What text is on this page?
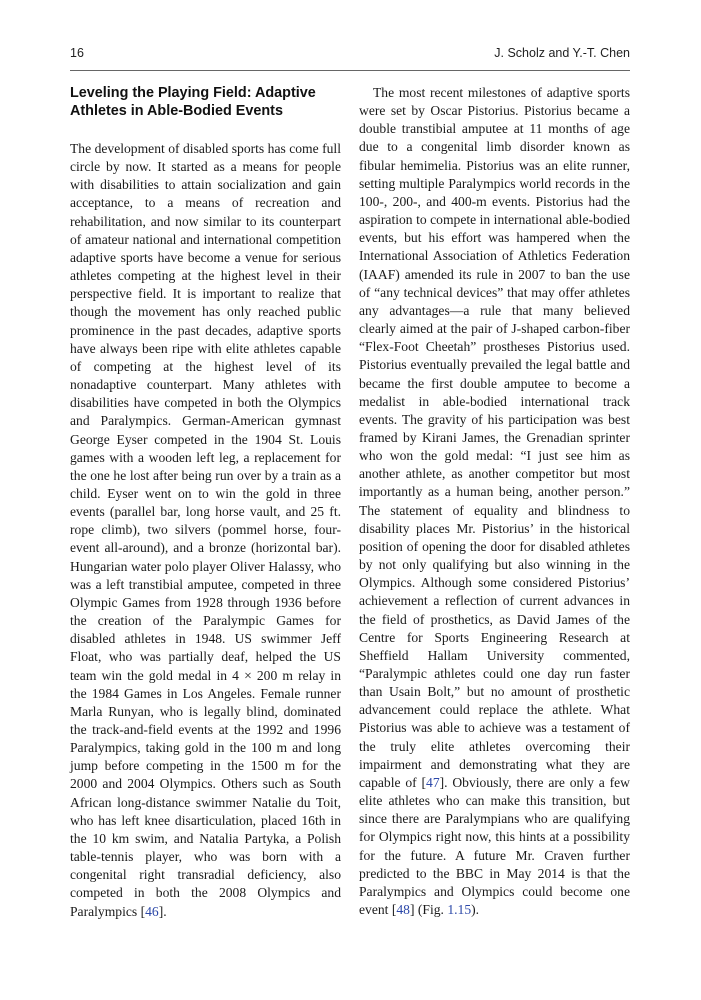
16	J. Scholz and Y.-T. Chen
Leveling the Playing Field: Adaptive Athletes in Able-Bodied Events

The development of disabled sports has come full circle by now. It started as a means for people with disabilities to attain socialization and gain acceptance, to a means of recreation and rehabilitation, and now similar to its counterpart of amateur national and international competition adaptive sports have become a venue for serious athletes competing at the highest level in their perspective field. It is important to realize that though the movement has only reached public prominence in the past decades, adaptive sports have always been ripe with elite athletes capable of competing at the highest level of its nonadaptive counterpart. Many athletes with disabilities have competed in both the Olympics and Paralympics. German-American gymnast George Eyser competed in the 1904 St. Louis games with a wooden left leg, a replacement for the one he lost after being run over by a train as a child. Eyser went on to win the gold in three events (parallel bar, long horse vault, and 25 ft. rope climb), two silvers (pommel horse, four-event all-around), and a bronze (horizontal bar). Hungarian water polo player Oliver Halassy, who was a left transtibial amputee, competed in three Olympic Games from 1928 through 1936 before the creation of the Paralympic Games for disabled athletes in 1948. US swimmer Jeff Float, who was partially deaf, helped the US team win the gold medal in 4 × 200 m relay in the 1984 Games in Los Angeles. Female runner Marla Runyan, who is legally blind, dominated the track-and-field events at the 1992 and 1996 Paralympics, taking gold in the 100 m and long jump before competing in the 1500 m for the 2000 and 2004 Olympics. Others such as South African long-distance swimmer Natalie du Toit, who has left knee disarticulation, placed 16th in the 10 km swim, and Natalia Partyka, a Polish table-tennis player, who was born with a congenital right transradial deficiency, also competed in both the 2008 Olympics and Paralympics [46].

The most recent milestones of adaptive sports were set by Oscar Pistorius. Pistorius became a double transtibial amputee at 11 months of age due to a congenital limb disorder known as fibular hemimelia. Pistorius was an elite runner, setting multiple Paralympics world records in the 100-, 200-, and 400-m events. Pistorius had the aspiration to compete in international able-bodied events, but his effort was hampered when the International Association of Athletics Federation (IAAF) amended its rule in 2007 to ban the use of “any technical devices” that may offer athletes any advantages—a rule that many believed clearly aimed at the pair of J-shaped carbon-fiber “Flex-Foot Cheetah” prostheses Pistorius used. Pistorius eventually prevailed the legal battle and became the first double amputee to become a medalist in able-bodied international track events. The gravity of his participation was best framed by Kirani James, the Grenadian sprinter who won the gold medal: “I just see him as another athlete, as another competitor but most importantly as a human being, another person.” The statement of equality and blindness to disability places Mr. Pistorius’ in the historical position of opening the door for disabled athletes by not only qualifying but also winning in the Olympics. Although some considered Pistorius’ achievement a reflection of current advances in the field of prosthetics, as David James of the Centre for Sports Engineering Research at Sheffield Hallam University commented, “Paralympic athletes could one day run faster than Usain Bolt,” but no amount of prosthetic advancement could replace the athlete. What Pistorius was able to achieve was a testament of the truly elite athletes overcoming their impairment and demonstrating what they are capable of [47]. Obviously, there are only a few elite athletes who can make this transition, but since there are Paralympians who are qualifying for Olympics right now, this hints at a possibility for the future. A future Mr. Craven further predicted to the BBC in May 2014 is that the Paralympics and Olympics could become one event [48] (Fig. 1.15).
